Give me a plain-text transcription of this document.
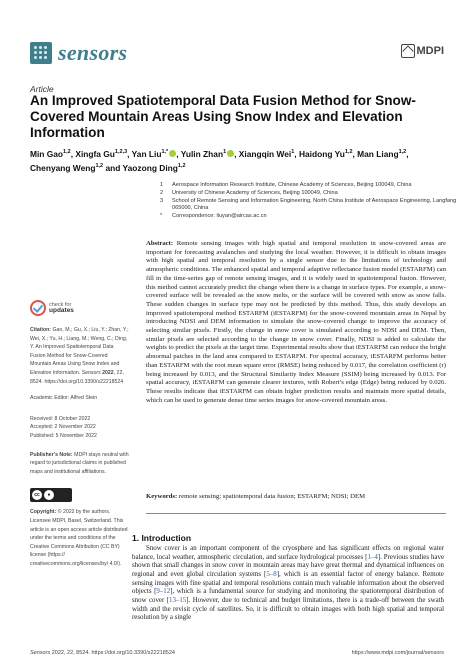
sensors	MDPI
Article
An Improved Spatiotemporal Data Fusion Method for Snow-Covered Mountain Areas Using Snow Index and Elevation Information
Min Gao$^{1,2}$, Xingfa Gu$^{1,2,3}$, Yan Liu$^{1,*}$ , Yulin Zhan$^1$ , Xiangqin Wei$^1$, Haidong Yu$^{1,2}$, Man Liang$^{1,2}$, Chenyang Weng$^{1,2}$ and Yaozong Ding$^{1,2}$
1	Aerospace Information Research Institute, Chinese Academy of Sciences, Beijing 100049, China
2	University of Chinese Academy of Sciences, Beijing 100049, China
3	School of Remote Sensing and Information Engineering, North China Institute of Aerospace Engineering, Langfang 065000, China
*	Correspondence: liuyan@aircas.ac.cn
check for
updates
Citation: Gao, M.; Gu, X.; Liu, Y.; Zhan, Y.; Wei, X.; Yu, H.; Liang, M.; Weng, C.; Ding, Y. An Improved Spatiotemporal Data Fusion Method for Snow-Covered Mountain Areas Using Snow Index and Elevation Information. Sensors 2022, 22, 8524. https://doi.org/10.3390/s22218524
Academic Editor: Alfred Stein
Received: 8 October 2022
Accepted: 2 November 2022
Published: 5 November 2022
Publisher’s Note: MDPI stays neutral with regard to jurisdictional claims in published maps and institutional affiliations.
cc	●
Copyright: © 2022 by the authors. Licensee MDPI, Basel, Switzerland. This article is an open access article distributed under the terms and conditions of the Creative Commons Attribution (CC BY) license (https:// creativecommons.org/licenses/by/ 4.0/).
Abstract: Remote sensing images with high spatial and temporal resolution in snow-covered areas are important for forecasting avalanches and studying the local weather. However, it is difficult to obtain images with high spatial and temporal resolution by a single sensor due to the limitations of technology and atmospheric conditions. The enhanced spatial and temporal adaptive reflectance fusion model (ESTARFM) can fill in the time-series gap of remote sensing images, and it is widely used in spatiotemporal fusion. However, this method cannot accurately predict the change when there is a change in surface types. For example, a snow-covered surface will be revealed as the snow melts, or the surface will be covered with snow as snow falls. These sudden changes in surface type may not be predicted by this method. Thus, this study develops an improved spatiotemporal method ESTARFM (iESTARFM) for the snow-covered mountain areas in Nepal by introducing NDSI and DEM information to simulate the snow-covered change to improve the accuracy of selecting similar pixels. Firstly, the change in snow cover is simulated according to NDSI and DEM. Then, similar pixels are selected according to the change in snow cover. Finally, NDSI is added to calculate the weights to predict the pixels at the target time. Experimental results show that iESTARFM can reduce the bright abnormal patches in the land area compared to ESTARFM. For spectral accuracy, iESTARFM performs better than ESTARFM with the root mean square error (RMSE) being reduced by 0.017, the correlation coefficient (r) being increased by 0.013, and the Structural Similarity Index Measure (SSIM) being increased by 0.013. For spatial accuracy, iESTARFM can generate clearer textures, with Robert’s edge (Edge) being reduced by 0.026. These results indicate that iESTARFM can obtain higher prediction results and maintain more spatial details, which can be used to generate dense time series images for snow-covered mountain areas.
Keywords: remote sensing; spatiotemporal data fusion; ESTARFM; NDSI; DEM
1. Introduction
Snow cover is an important component of the cryosphere and has significant effects on regional water balance, local weather, atmospheric circulation, and surface hydrological processes [1–4]. Previous studies have shown that small changes in snow cover in mountain areas may have great thermal and dynamical influences on regional and even global circulation systems [5–8], which is an essential factor of energy balance. Remote sensing images with fine spatial and temporal resolutions contain much valuable information about the observed objects [9–12], which is a fundamental source for studying and monitoring the spatiotemporal distribution of snow cover [13–15]. However, due to technical and budget limitations, there is a trade-off between the swath width and the revisit cycle of satellites. So, it is difficult to obtain images with both high spatial and temporal resolution by a single
Sensors 2022, 22, 8524. https://doi.org/10.3390/s22218524	https://www.mdpi.com/journal/sensors
